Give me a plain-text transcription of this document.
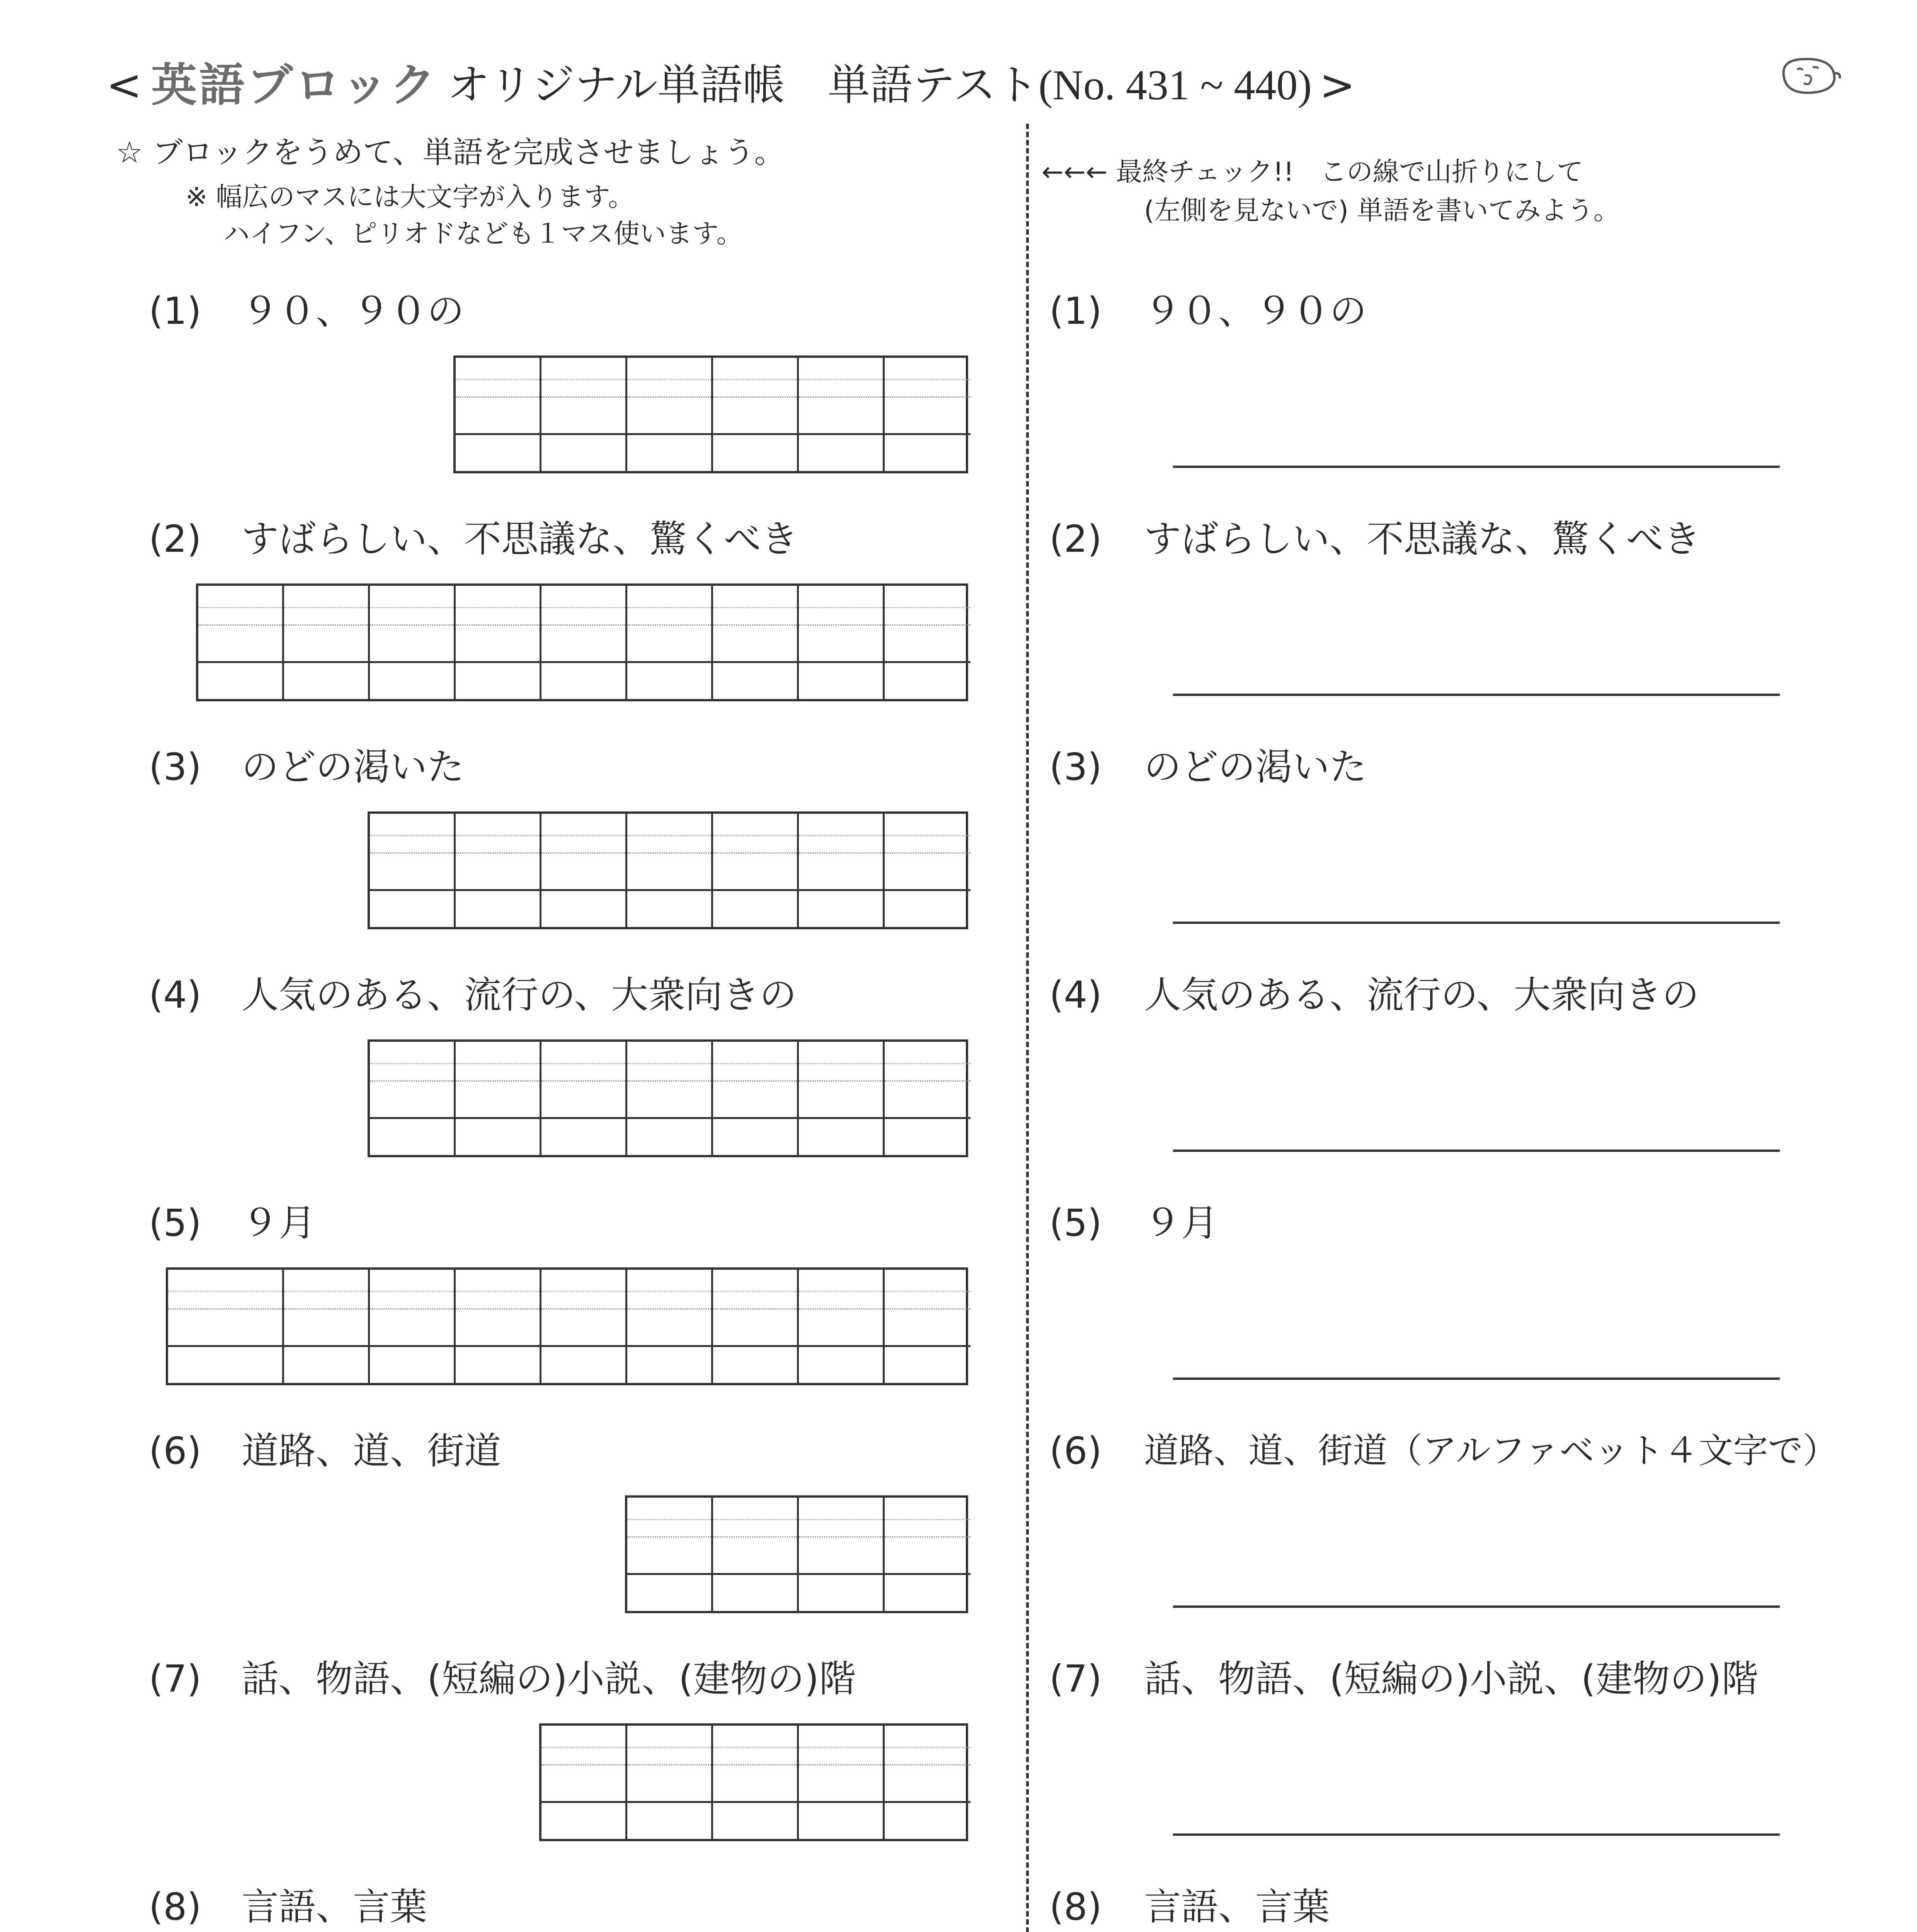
< 英語ブロック オリジナル単語帳　単語テスト (No. 431 ~ 440) >
☆ ブロックをうめて、単語を完成させましょう。
※ 幅広のマスには大文字が入ります。
ハイフン、ピリオドなども１マス使います。
←←← 最終チェック!!　この線で山折りにして
(左側を見ないで) 単語を書いてみよう。
(1) ９０、９０の
(2) すばらしい、不思議な、驚くべき
(3) のどの渇いた
(4) 人気のある、流行の、大衆向きの
(5) ９月
(6) 道路、道、街道
(7) 話、物語、(短編の)小説、(建物の)階
(8) 言語、言葉
(1) ９０、９０の
(2) すばらしい、不思議な、驚くべき
(3) のどの渇いた
(4) 人気のある、流行の、大衆向きの
(5) ９月
(6) 道路、道、街道（アルファベット４文字で）
(7) 話、物語、(短編の)小説、(建物の)階
(8) 言語、言葉
